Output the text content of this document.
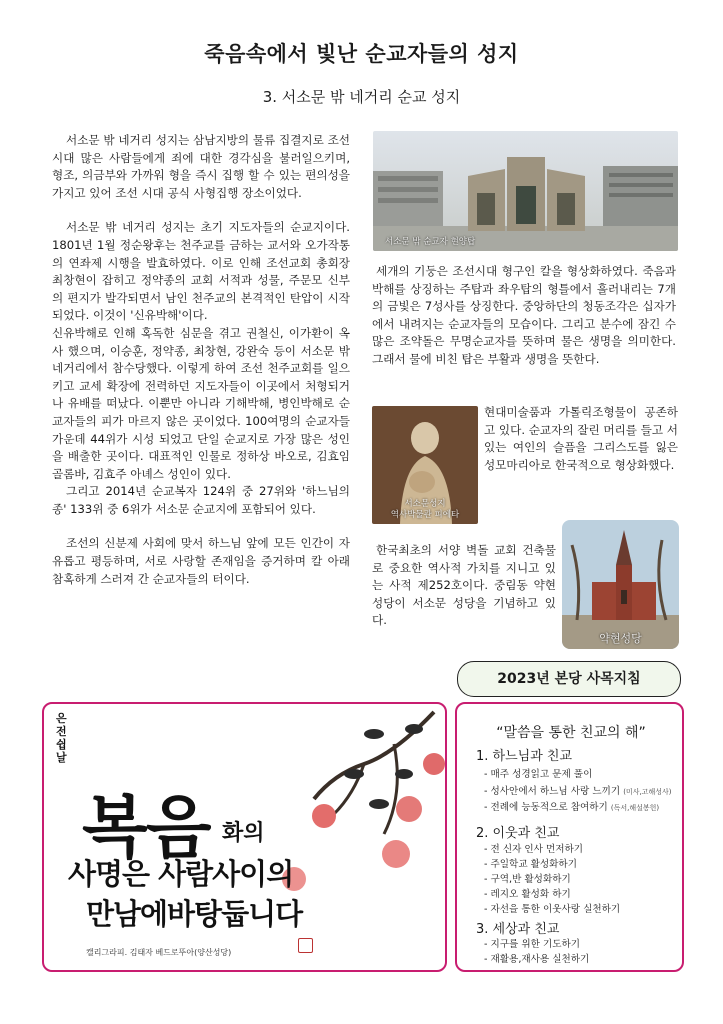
죽음속에서 빛난 순교자들의 성지
3. 서소문 밖 네거리 순교 성지

서소문 밖 네거리 성지는 삼남지방의 물류 집결지로 조선 시대 많은 사람들에게 죄에 대한 경각심을 불러일으키며, 형조, 의금부와 가까워 형을 즉시 집행 할 수 있는 편의성을 가지고 있어 조선 시대 공식 사형집행 장소이었다.

서소문 밖 네거리 성지는 초기 지도자들의 순교지이다. 1801년 1월 정순왕후는 천주교를 금하는 교서와 오가작통의 연좌제 시행을 발효하였다. 이로 인해 조선교회 총회장 최창현이 잡히고 정약종의 교회 서적과 성물, 주문모 신부의 편지가 발각되면서 남인 천주교의 본격적인 탄압이 시작 되었다. 이것이 '신유박해'이다.

신유박해로 인해 혹독한 심문을 겪고 권철신, 이가환이 옥사 했으며, 이승훈, 정약종, 최창현, 강완숙 등이 서소문 밖 네거리에서 참수당했다. 이렇게 하여 조선 천주교회를 일으키고 교세 확장에 전력하던 지도자들이 이곳에서 처형되거나 유배를 떠났다. 이뿐만 아니라 기해박해, 병인박해로 순교자들의 피가 마르지 않은 곳이었다. 100여명의 순교자들 가운데 44위가 시성 되었고 단일 순교지로 가장 많은 성인을 배출한 곳이다. 대표적인 인물로 정하상 바오로, 김효임 골롬바, 김효주 아녜스 성인이 있다.

그리고 2014년 순교복자 124위 중 27위와 '하느님의 종' 133위 중 6위가 서소문 순교지에 포함되어 있다.

조선의 신분제 사회에 맞서 하느님 앞에 모든 인간이 자유롭고 평등하며, 서로 사랑할 존재임을 증거하며 칼 아래 참혹하게 스러져 간 순교자들의 터이다.

서소문 밖 순교자 현양탑

세개의 기둥은 조선시대 형구인 칼을 형상화하였다. 죽음과 박해를 상징하는 주탑과 좌우탑의 형틀에서 흘러내리는 7개의 금빛은 7성사를 상징한다. 중앙하단의 청동조각은 십자가에서 내려지는 순교자들의 모습이다. 그리고 분수에 잠긴 수많은 조약돌은 무명순교자를 뜻하며 물은 생명을 의미한다. 그래서 물에 비친 탑은 부활과 생명을 뜻한다.

서소문성지
역사박물관 피에타

현대미술품과 가톨릭조형물이 공존하고 있다. 순교자의 잘린 머리를 들고 서있는 여인의 슬픔을 그리스도를 잃은 성모마리아로 한국적으로 형상화했다.

한국최초의 서양 벽돌 교회 건축물로 중요한 역사적 가치를 지니고 있는 사적 제252호이다. 중림동 약현성당이 서소문 성당을 기념하고 있다.

약현성당
2023년 본당 사목지침
은전 쉽날
복음 화의
사명은 사람사이의
만남에바탕둡니다
캘리그라피. 김태자 베드로뚜아(양산성당)
“말씀을 통한 친교의 해”
1. 하느님과 친교
- 매주 성경읽고 문제 풀이
- 성사안에서 하느님 사랑 느끼기 (미사,고해성사)
- 전례에 능동적으로 참여하기 (독서,해설봉헌)
2. 이웃과 친교
- 전 신자 인사 먼저하기
- 주일학교 활성화하기
- 구역,반 활성화하기
- 레지오 활성화 하기
- 자선을 통한 이웃사랑 실천하기
3. 세상과 친교
- 지구를 위한 기도하기
- 재활용,재사용 실천하기
